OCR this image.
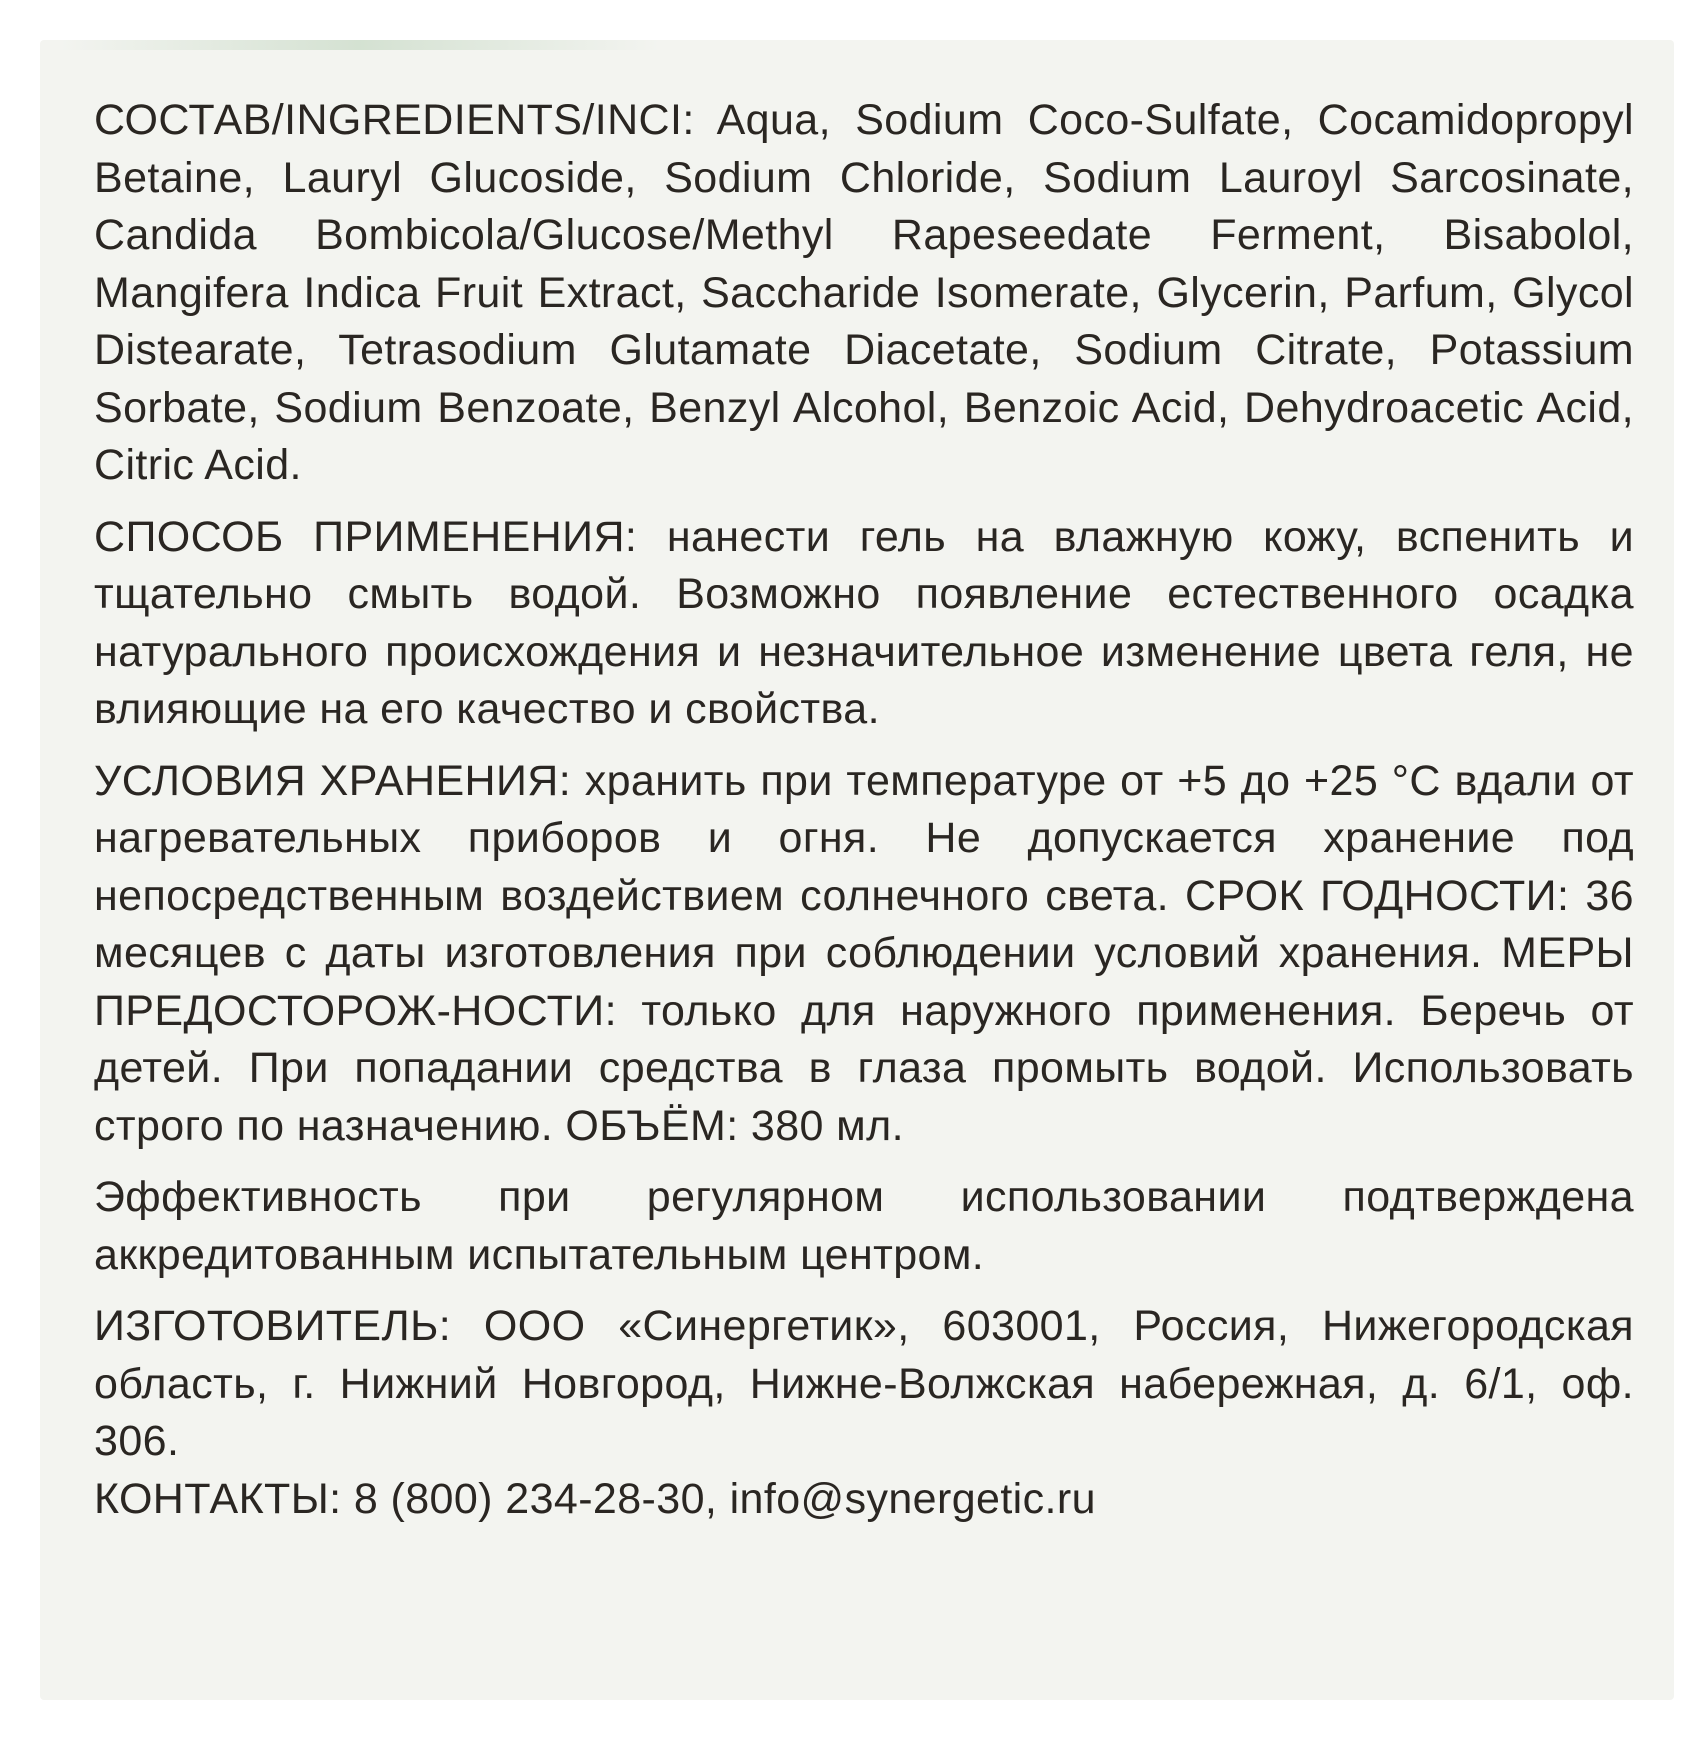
СОСТАВ/INGREDIENTS/INCI: Aqua, Sodium Coco-Sulfate, Cocamidopropyl Betaine, Lauryl Glucoside, Sodium Chloride, Sodium Lauroyl Sarcosinate, Candida Bombicola/Glucose/Methyl Rapeseedate Ferment, Bisabolol, Mangifera Indica Fruit Extract, Saccharide Isomerate, Glycerin, Parfum, Glycol Distearate, Tetrasodium Glutamate Diacetate, Sodium Citrate, Potassium Sorbate, Sodium Benzoate, Benzyl Alcohol, Benzoic Acid, Dehydroacetic Acid, Citric Acid.

СПОСОБ ПРИМЕНЕНИЯ: нанести гель на влажную кожу, вспенить и тщательно смыть водой. Возможно появление естественного осадка натурального происхождения и незначительное изменение цвета геля, не влияющие на его качество и свойства.

УСЛОВИЯ ХРАНЕНИЯ: хранить при температуре от +5 до +25 °С вдали от нагревательных приборов и огня. Не допускается хранение под непосредственным воздействием солнечного света. СРОК ГОДНОСТИ: 36 месяцев с даты изготовления при соблюдении условий хранения. МЕРЫ ПРЕДОСТОРОЖ-НОСТИ: только для наружного применения. Беречь от детей. При попадании средства в глаза промыть водой. Использовать строго по назначению. ОБЪЁМ: 380 мл.

Эффективность при регулярном использовании подтверждена аккредитованным испытательным центром.

ИЗГОТОВИТЕЛЬ: ООО «Синергетик», 603001, Россия, Нижегородская область, г. Нижний Новгород, Нижне-Волжская набережная, д. 6/1, оф. 306.

КОНТАКТЫ: 8 (800) 234-28-30, info@synergetic.ru
